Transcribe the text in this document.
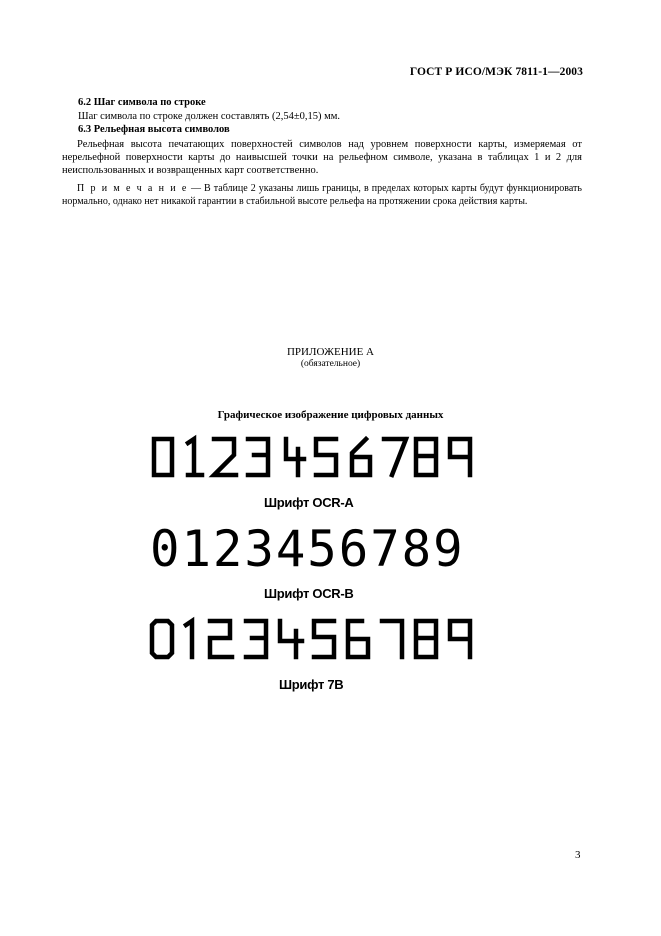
ГОСТ Р ИСО/МЭК 7811-1—2003
6.2 Шаг символа по строке
Шаг символа по строке должен составлять (2,54±0,15) мм.
6.3 Рельефная высота символов
Рельефная высота печатающих поверхностей символов над уровнем поверхности карты, измеряемая от нерельефной поверхности карты до наивысшей точки на рельефном символе, указана в таблицах 1 и 2 для неиспользованных и возвращенных карт соответственно.
П р и м е ч а н и е — В таблице 2 указаны лишь границы, в пределах которых карты будут функционировать нормально, однако нет никакой гарантии в стабильной высоте рельефа на протяжении срока действия карты.
ПРИЛОЖЕНИЕ А
(обязательное)
Графическое изображение цифровых данных
Шрифт OCR-A
0123456789
Шрифт OCR-B
Шрифт 7B
3
